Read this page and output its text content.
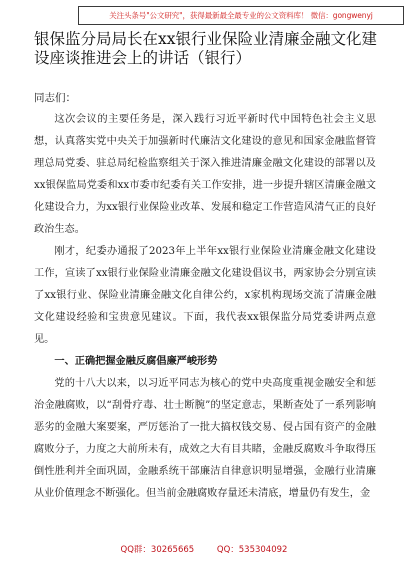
关注头条号"公文研究"，获得最新最全最专业的公文资料库！ 微信：gongwenyj
银保监分局局长在xx银行业保险业清廉金融文化建设座谈推进会上的讲话（银行）
同志们：

这次会议的主要任务是，深入践行习近平新时代中国特色社会主义思想，认真落实党中央关于加强新时代廉洁文化建设的意见和国家金融监督管理总局党委、驻总局纪检监察组关于深入推进清廉金融文化建设的部署以及xx银保监局党委和xx市委市纪委有关工作安排，进一步提升辖区清廉金融文化建设合力，为xx银行业保险业改革、发展和稳定工作营造风清气正的良好政治生态。

刚才，纪委办通报了2023年上半年xx银行业保险业清廉金融文化建设工作，宣读了xx银行业保险业清廉金融文化建设倡议书，两家协会分别宣读了xx银行业、保险业清廉金融文化自律公约，x家机构现场交流了清廉金融文化建设经验和宝贵意见建议。下面，我代表xx银保监分局党委讲两点意见。

一、正确把握金融反腐倡廉严峻形势

党的十八大以来，以习近平同志为核心的党中央高度重视金融安全和惩治金融腐败，以“刮骨疗毒、壮士断腕”的坚定意志，果断查处了一系列影响恶劣的金融大案要案，严厉惩治了一批大搞权钱交易、侵占国有资产的金融腐败分子，力度之大前所未有，成效之大有目共睹，金融反腐败斗争取得压倒性胜利并全面巩固，金融系统干部廉洁自律意识明显增强，金融行业清廉从业价值理念不断强化。但当前金融腐败存量还未清底，增量仍有发生，金

QQ群：30265665	QQ：535304092
